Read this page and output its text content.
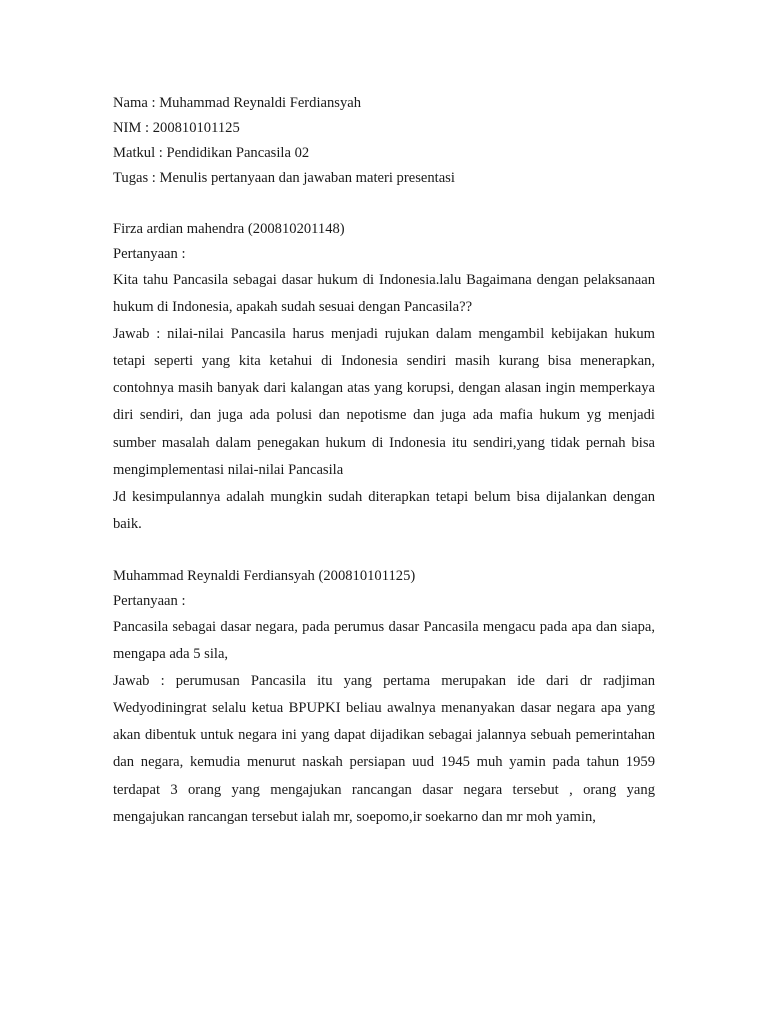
Nama : Muhammad Reynaldi Ferdiansyah
NIM : 200810101125
Matkul : Pendidikan Pancasila 02
Tugas : Menulis pertanyaan dan jawaban materi presentasi
Firza ardian mahendra (200810201148)
Pertanyaan :

Kita tahu Pancasila sebagai dasar hukum di Indonesia.lalu Bagaimana dengan pelaksanaan hukum di Indonesia, apakah sudah sesuai dengan Pancasila??

Jawab : nilai-nilai Pancasila harus menjadi rujukan dalam mengambil kebijakan hukum tetapi seperti yang kita ketahui di Indonesia sendiri masih kurang bisa menerapkan, contohnya masih banyak dari kalangan atas yang korupsi, dengan alasan ingin memperkaya diri sendiri, dan juga ada polusi dan nepotisme dan juga ada mafia hukum yg menjadi sumber masalah dalam penegakan hukum di Indonesia itu sendiri,yang tidak pernah bisa mengimplementasi nilai-nilai Pancasila

Jd kesimpulannya adalah mungkin sudah diterapkan tetapi belum bisa dijalankan dengan baik.

Muhammad Reynaldi Ferdiansyah (200810101125)
Pertanyaan :

Pancasila sebagai dasar negara, pada perumus dasar Pancasila mengacu pada apa dan siapa, mengapa ada 5 sila,

Jawab : perumusan Pancasila itu yang pertama merupakan ide dari dr radjiman Wedyodiningrat selalu ketua BPUPKI beliau awalnya menanyakan dasar negara apa yang akan dibentuk untuk negara ini yang dapat dijadikan sebagai jalannya sebuah pemerintahan dan negara, kemudia menurut naskah persiapan uud 1945 muh yamin pada tahun 1959 terdapat 3 orang yang mengajukan rancangan dasar negara tersebut , orang yang mengajukan rancangan tersebut ialah mr, soepomo,ir soekarno dan mr moh yamin,
